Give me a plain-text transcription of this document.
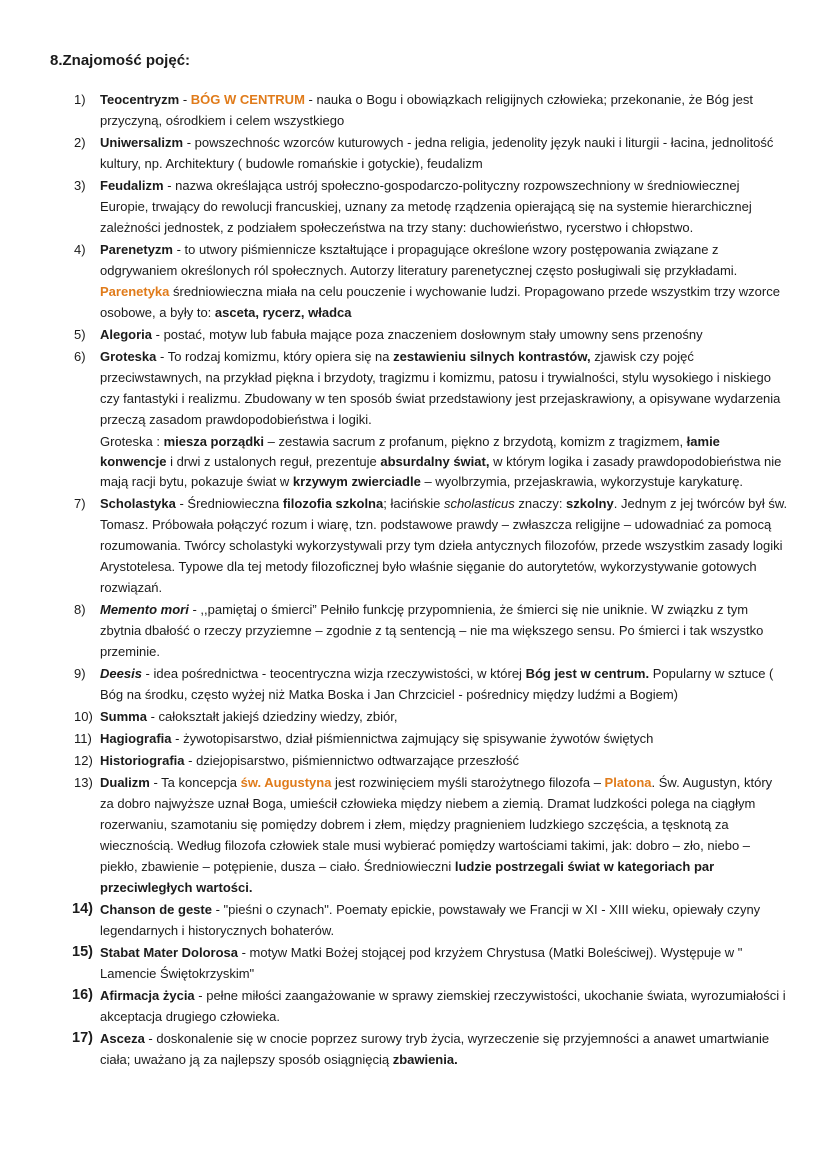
8.Znajomość pojęć:
1) Teocentryzm - BÓG W CENTRUM - nauka o Bogu i obowiązkach religijnych człowieka; przekonanie, że Bóg jest przyczyną, ośrodkiem i celem wszystkiego
2) Uniwersalizm - powszechnośc wzorców kuturowych - jedna religia, jedenolity język nauki i liturgii - łacina, jednolitość kultury, np. Architektury ( budowle romańskie i gotyckie), feudalizm
3) Feudalizm - nazwa określająca ustrój społeczno-gospodarczo-polityczny rozpowszechniony w średniowiecznej Europie, trwający do rewolucji francuskiej, uznany za metodę rządzenia opierającą się na systemie hierarchicznej zależności jednostek, z podziałem społeczeństwa na trzy stany: duchowieństwo, rycerstwo i chłopstwo.
4) Parenetyzm - to utwory piśmiennicze kształtujące i propagujące określone wzory postępowania związane z odgrywaniem określonych ról społecznych. Autorzy literatury parenetycznej często posługiwali się przykładami. Parenetyka średniowieczna miała na celu pouczenie i wychowanie ludzi. Propagowano przede wszystkim trzy wzorce osobowe, a były to: asceta, rycerz, władca
5) Alegoria - postać, motyw lub fabuła mające poza znaczeniem dosłownym stały umowny sens przenośny
6) Groteska - To rodzaj komizmu, który opiera się na zestawieniu silnych kontrastów, zjawisk czy pojęć przeciwstawnych, na przykład piękna i brzydoty, tragizmu i komizmu, patosu i trywialności, stylu wysokiego i niskiego czy fantastyki i realizmu. Zbudowany w ten sposób świat przedstawiony jest przejaskrawiony, a opisywane wydarzenia przeczą zasadom prawdopodobieństwa i logiki.
Groteska : miesza porządki – zestawia sacrum z profanum, piękno z brzydotą, komizm z tragizmem, łamie konwencje i drwi z ustalonych reguł, prezentuje absurdalny świat, w którym logika i zasady prawdopodobieństwa nie mają racji bytu, pokazuje świat w krzywym zwierciadle – wyolbrzymia, przejaskrawia, wykorzystuje karykaturę.
7) Scholastyka - Średniowieczna filozofia szkolna; łacińskie scholasticus znaczy: szkolny. Jednym z jej twórców był św. Tomasz. Próbowała połączyć rozum i wiarę, tzn. podstawowe prawdy – zwłaszcza religijne – udowadniać za pomocą rozumowania. Twórcy scholastyki wykorzystywali przy tym dzieła antycznych filozofów, przede wszystkim zasady logiki Arystotelesa. Typowe dla tej metody filozoficznej było właśnie sięganie do autorytetów, wykorzystywanie gotowych rozwiązań.
8) Memento mori - ,,pamiętaj o śmierci” Pełniło funkcję przypomnienia, że śmierci się nie uniknie. W związku z tym zbytnia dbałość o rzeczy przyziemne – zgodnie z tą sentencją – nie ma większego sensu. Po śmierci i tak wszystko przeminie.
9) Deesis - idea pośrednictwa - teocentryczna wizja rzeczywistości, w której Bóg jest w centrum. Popularny w sztuce ( Bóg na środku, często wyżej niż Matka Boska i Jan Chrzciciel - pośrednicy między ludźmi a Bogiem)
10) Summa - całokształt jakiejś dziedziny wiedzy, zbiór,
11) Hagiografia - żywotopisarstwo, dział piśmiennictwa zajmujący się spisywanie żywotów świętych
12) Historiografia - dziejopisarstwo, piśmiennictwo odtwarzające przeszłość
13) Dualizm - Ta koncepcja św. Augustyna jest rozwinięciem myśli starożytnego filozofa – Platona. Św. Augustyn, który za dobro najwyższe uznał Boga, umieścił człowieka między niebem a ziemią. Dramat ludzkości polega na ciągłym rozerwaniu, szamotaniu się pomiędzy dobrem i złem, między pragnieniem ludzkiego szczęścia, a tęsknotą za wiecznością. Według filozofa człowiek stale musi wybierać pomiędzy wartościami takimi, jak: dobro – zło, niebo – piekło, zbawienie – potępienie, dusza – ciało. Średniowieczni ludzie postrzegali świat w kategoriach par przeciwległych wartości.
14) Chanson de geste - "pieśni o czynach". Poematy epickie, powstawały we Francji w XI - XIII wieku, opiewały czyny legendarnych i historycznych bohaterów.
15) Stabat Mater Dolorosa - motyw Matki Bożej stojącej pod krzyżem Chrystusa (Matki Boleściwej). Występuje w " Lamencie Świętokrzyskim"
16) Afirmacja życia - pełne miłości zaangażowanie w sprawy ziemskiej rzeczywistości, ukochanie świata, wyrozumiałości i akceptacja drugiego człowieka.
17) Asceza - doskonalenie się w cnocie poprzez surowy tryb życia, wyrzeczenie się przyjemności a anawet umartwianie ciała; uważano ją za najlepszy sposób osiągnięcią zbawienia.
